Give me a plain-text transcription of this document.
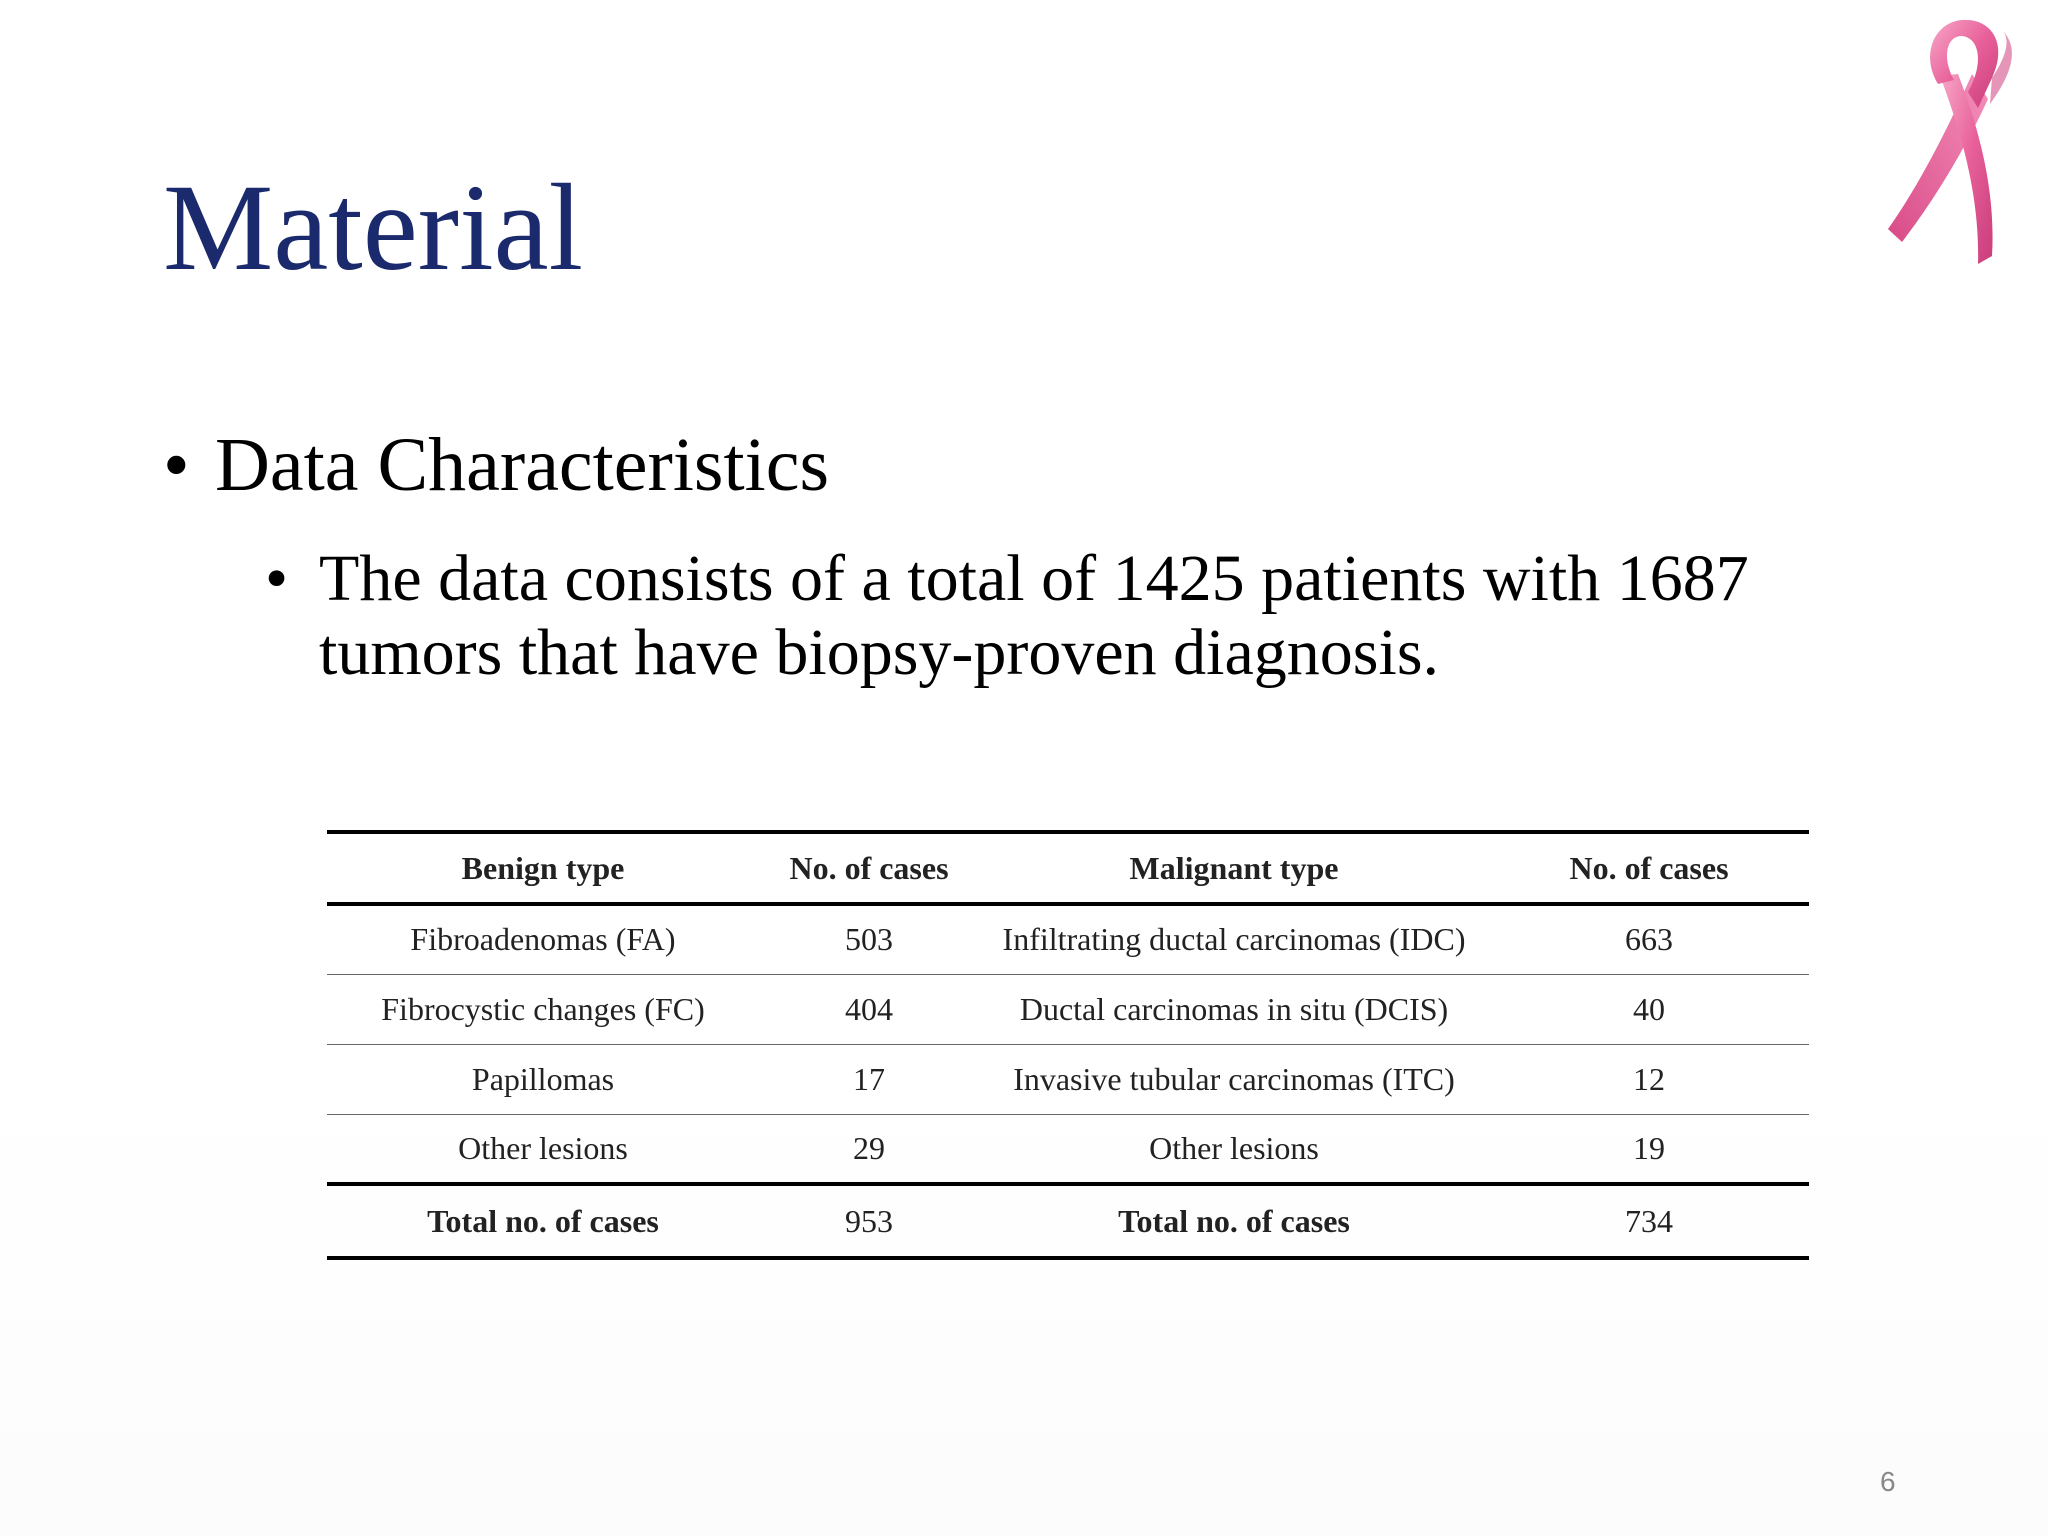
Material
• Data Characteristics
• The data consists of a total of 1425 patients with 1687 tumors that have biopsy-proven diagnosis.
Benign type	No. of cases	Malignant type	No. of cases
Fibroadenomas (FA)	503	Infiltrating ductal carcinomas (IDC)	663
Fibrocystic changes (FC)	404	Ductal carcinomas in situ (DCIS)	40
Papillomas	17	Invasive tubular carcinomas (ITC)	12
Other lesions	29	Other lesions	19
Total no. of cases	953	Total no. of cases	734
6
